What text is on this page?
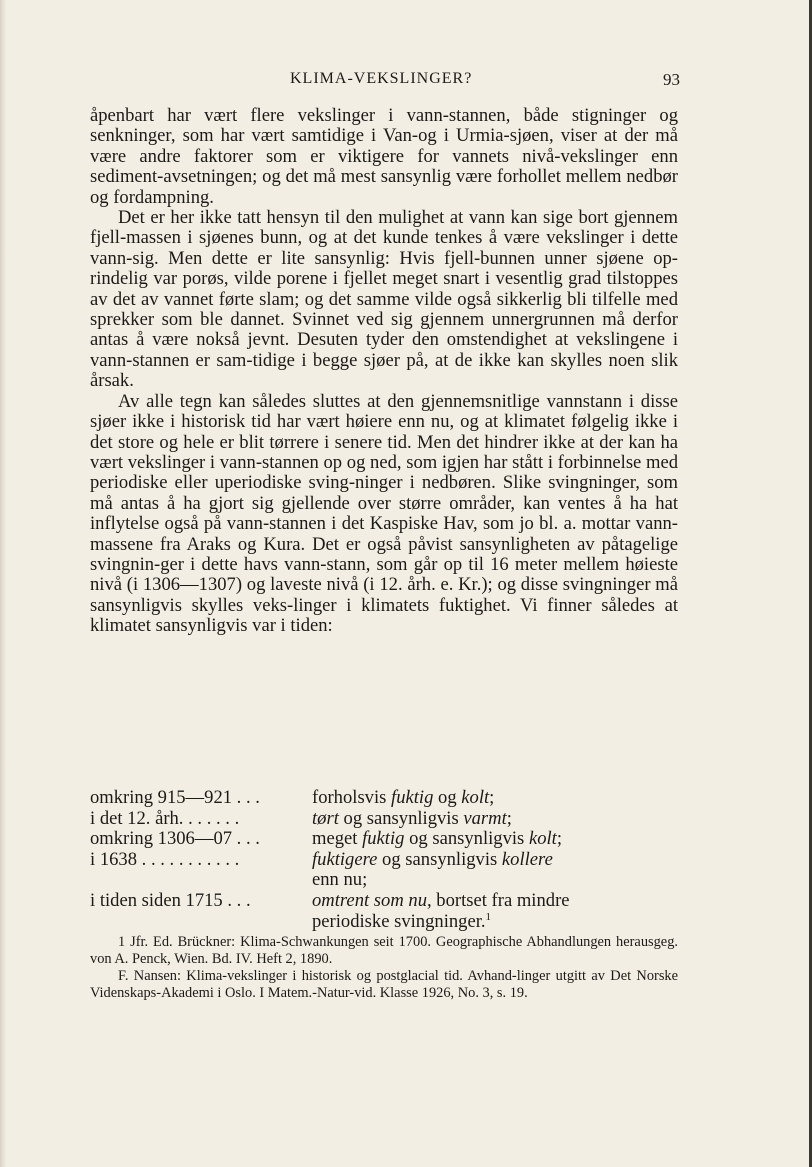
KLIMA-VEKSLINGER?	93

åpenbart har vært flere vekslinger i vann-stannen, både stigninger og senkninger, som har vært samtidige i Van-og i Urmia-sjøen, viser at der må være andre faktorer som er viktigere for vannets nivå-vekslinger enn sediment-avsetningen; og det må mest sansynlig være forhollet mellem nedbør og fordampning.

Det er her ikke tatt hensyn til den mulighet at vann kan sige bort gjennem fjell-massen i sjøenes bunn, og at det kunde tenkes å være vekslinger i dette vann-sig. Men dette er lite sansynlig: Hvis fjell-bunnen unner sjøene op-rindelig var porøs, vilde porene i fjellet meget snart i vesentlig grad tilstoppes av det av vannet førte slam; og det samme vilde også sikkerlig bli tilfelle med sprekker som ble dannet. Svinnet ved sig gjennem unnergrunnen må derfor antas å være nokså jevnt. Desuten tyder den omstendighet at vekslingene i vann-stannen er sam-tidige i begge sjøer på, at de ikke kan skylles noen slik årsak.

Av alle tegn kan således sluttes at den gjennemsnitlige vannstann i disse sjøer ikke i historisk tid har vært høiere enn nu, og at klimatet følgelig ikke i det store og hele er blit tørrere i senere tid. Men det hindrer ikke at der kan ha vært vekslinger i vann-stannen op og ned, som igjen har stått i forbinnelse med periodiske eller uperiodiske sving-ninger i nedbøren. Slike svingninger, som må antas å ha gjort sig gjellende over større områder, kan ventes å ha hat inflytelse også på vann-stannen i det Kaspiske Hav, som jo bl. a. mottar vann-massene fra Araks og Kura. Det er også påvist sansynligheten av påtagelige svingnin-ger i dette havs vann-stann, som går op til 16 meter mellem høieste nivå (i 1306—1307) og laveste nivå (i 12. årh. e. Kr.); og disse svingninger må sansynligvis skylles veks-linger i klimatets fuktighet. Vi finner således at klimatet sansynligvis var i tiden:

omkring 915—921 . . .	forholsvis fuktig og kolt;
i det 12. årh. . . . . . .	tørt og sansynligvis varmt;
omkring 1306—07 . . .	meget fuktig og sansynligvis kolt;
i 1638 . . . . . . . . . . .	fuktigere og sansynligvis kollere
enn nu;
i tiden siden 1715 . . .	omtrent som nu, bortset fra mindre
periodiske svingninger.$^1$

1 Jfr. Ed. Brückner: Klima-Schwankungen seit 1700. Geographische Abhandlungen herausgeg. von A. Penck, Wien. Bd. IV. Heft 2, 1890.

F. Nansen: Klima-vekslinger i historisk og postglacial tid. Avhand-linger utgitt av Det Norske Videnskaps-Akademi i Oslo. I Matem.-Natur-vid. Klasse 1926, No. 3, s. 19.
